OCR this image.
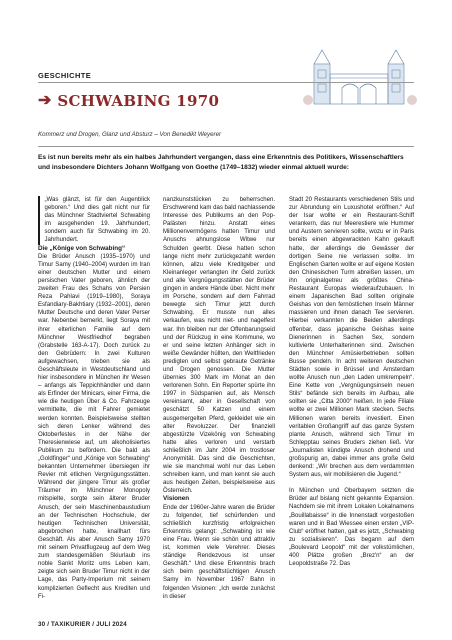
GESCHICHTE
➔ SCHWABING 1970
Kommerz und Drogen, Glanz und Absturz – Von Benedikt Weyerer
Es ist nun bereits mehr als ein halbes Jahrhundert vergangen, dass eine Erkenntnis des Politikers, Wissenschaftlers und insbesondere Dichters Johann Wolfgang von Goethe (1749–1832) wieder einmal aktuell wurde:

„Was glänzt, ist für den Augenblick geboren.“ Und dies galt nicht nur für das Münchner Stadtviertel Schwabing im ausgehenden 19. Jahrhundert, sondern auch für Schwabing im 20. Jahrhundert.

Die „Könige von Schwabing“

Die Brüder Anusch (1935–1970) und Timur Samy (1940–2004) wurden im Iran einer deutschen Mutter und einem persischen Vater geboren, ähnlich der zweiten Frau des Schahs von Persien Reza Pahlavi (1919–1980), Soraya Esfandiary-Bakhtiary (1932–2001), deren Mutter Deutsche und deren Vater Perser war. Nebenbei bemerkt, liegt Soraya mit ihrer elterlichen Familie auf dem Münchner Westfriedhof begraben (Grabstelle 163-A-17). Doch zurück zu den Gebrüdern: In zwei Kulturen aufgewachsen, trieben sie als Geschäftsleute in Westdeutschland und hier insbesondere in München ihr Wesen – anfangs als Teppichhändler und dann als Erfinder der Minicars, einer Firma, die wie die heutigen Über & Co. Fahrzeuge vermittelte, die mit Fahrer gemietet werden konnten. Beispielsweise stellten sich deren Lenker während des Oktoberfestes in der Nähe der Theresienwiese auf, um alkoholisiertes Publikum zu befördern. Die bald als „Goldfinger“ und „Könige von Schwabing“ bekannten Unternehmer übersiegen ihr Revier mit etlichen Vergnügungsstätten. Während der jüngere Timur als großer Träumer im Münchner Monopoly mitspielte, sorgte sein älterer Bruder Anusch, der sein Maschinenbaustudium an der Technischen Hochschule, der heutigen Technischen Universität, abgebrochen hatte, knallhart fürs Geschäft. Als aber Anusch Samy 1970 mit seinem Privatflugzeug auf dem Weg zum standesgemäßen Skiurlaub ins noble Sankt Moritz ums Leben kam, zeigte sich sein Bruder Timur nicht in der Lage, das Party-Imperium mit seinem komplizierten Geflecht aus Krediten und Fi-

nanzkunststücken zu beherrschen. Erschwerend kam das bald nachlassende Interesse des Publikums an den Pop-Palästen hinzu. Anstatt eines Millionenvermögens hatten Timur und Anuschs ahnungslose Witwe nur Schulden geerbt. Diese hatten schon lange nicht mehr zurückgezahlt werden können, allzu viele Kreditgeber und Kleinanleger verlangten ihr Geld zurück und alle Vergnügungsstätten der Brüder gingen in andere Hände über. Nicht mehr im Porsche, sondern auf dem Fahrrad bewegte sich Timur jetzt durch Schwabing. Er musste nun alles verkaufen, was nicht niet- und nagelfest war. Ihn bleiben nur der Offenbarungseid und der Rückzug in eine Kommune, wo er und seine letzten Anhänger sich in weiße Gewänder hüllten, den Weltfrieden predigten und selbst gebraute Getränke und Drogen genossen. Die Mutter übernies 300 Mark im Monat an den verlorenen Sohn. Ein Reporter spürte ihn 1997 in Südspanien auf, als Mensch vereinsamt, aber in Gesellschaft von geschätzt 50 Katzen und einem ausgemergelten Pferd, gekleidet wie ein alter Revoluzzer. Der finanziell abgestürzte Vizekönig von Schwabing hatte alles verloren und verstarb schließlich im Jahr 2004 im trostloser Anonymität. Das sind die Geschichten, wie sie manchmal wohl nur das Leben schreiben kann, und man kennt sie auch aus heutigen Zeiten, beispielsweise aus Österreich.

Visionen

Ende der 1960er-Jahre waren die Brüder zu folgender, tief schürfenden und schließlich kurzfristig erfolgreichen Erkenntnis gelangt: „Schwabing ist wie eine Frau. Wenn sie schön und attraktiv ist, kommen viele Verehrer. Dieses ständige Rendezvous ist unser Geschäft.“ Und diese Erkenntnis brach sich beim geschäftstüchtigen Anusch Samy im November 1967 Bahn in folgenden Visionen: „Ich werde zunächst in dieser

Stadt 20 Restaurants verschiedenen Stils und zur Abrundung ein Luxushotel eröffnen.“ Auf der Isar wollte er ein Restaurant-Schiff verankern, das nur Meerestiere wie Hummer und Austern servieren sollte, wozu er in Paris bereits einen abgewrackten Kahn gekauft hatte, der allerdings die Gewässer der dortigen Seine nie verlassen sollte. Im Englischen Garten wollte er auf eigene Kosten den Chinesischen Turm abreißen lassen, um ihn originalgetreu als größtes China-Restaurant Europas wiederaufzubauen. In einem Japanischen Bad sollten originale Geishas von den fernöstlichen Inseln Männer massieren und ihnen danach Tee servieren. Hierbei verkannten die Beiden allerdings offenbar, dass japanische Geishas keine Dienerinnen in Sachen Sex, sondern kultivierte Unterhalterinnen sind. Zwischen den Münchner Amüsierbetrieben sollten Busse pendeln. In acht weiteren deutschen Städten sowie in Brüssel und Amsterdam wollte Anusch nun „den Laden umkrempeln“. Eine Kette von „Vergnügungsinseln neuen Stils“ befände sich bereits im Aufbau, alle sollten sie „Citta 2000“ heißen. In jede Filiale wollte er zwei Millionen Mark stecken. Sechs Millionen waren bereits investiert. Einen veritablen Großangriff auf das ganze System plante Anusch, während sich Timur im Schlepptau seines Bruders ziehen ließ. Vor „Journalisten kündigte Anusch drohend und großspurig an, dabei immer ans große Geld denkend: „Wir brechen aus dem verdammten System aus, wir mobilisieren die Jugend.“

In München und Oberbayern setzten die Brüder auf bislang nicht gekannte Expansion. Nachdem sie mit ihrem Lokalen Lokalnamens „Bouillabaisse“ in die Innenstadt vorgestoßen waren und in Bad Wiessee einen ersten „VIP-Club“ eröffnet hatten, galt es jetzt, „Schwabing zu sozialisieren“. Das begann auf dem „Boulevard Leopold“ mit der volkstümlichen, 400 Plätze großen „Brez'n“ an der Leopoldstraße 72. Das

30 / TAXIKURIER / JULI 2024
